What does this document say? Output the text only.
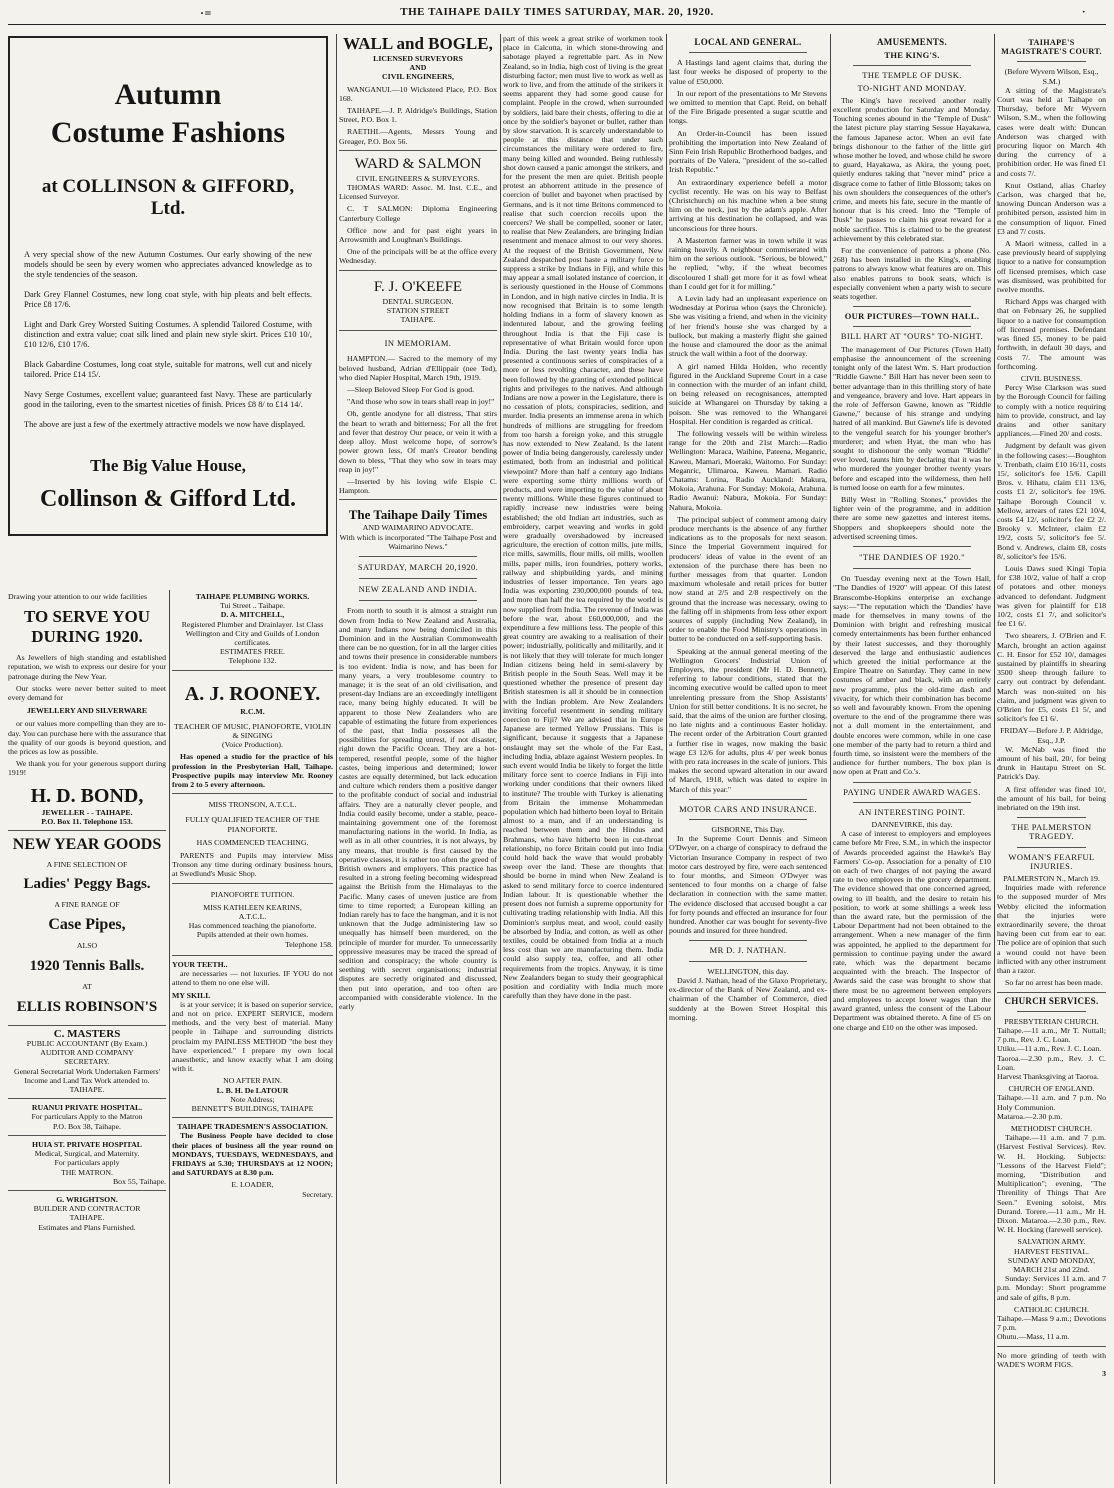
·=	THE TAIHAPE DAILY TIMES SATURDAY, MAR. 20, 1920.	·
Autumn
Costume Fashions
at COLLINSON & GIFFORD, Ltd.

A very special show of the new Autumn Costumes. Our early showing of the new models should be seen by every women who appreciates advanced knowledge as to the style tendencies of the season.

Dark Grey Flannel Costumes, new long coat style, with hip pleats and belt effects. Price £8 17/6.

Light and Dark Grey Worsted Suiting Costumes. A splendid Tailored Costume, with distinction and extra value; coat silk lined and plain new style skirt. Prices £10 10/, £10 12/6, £10 17/6.

Black Gabardine Costumes, long coat style, suitable for matrons, well cut and nicely tailored. Price £14 15/.

Navy Serge Costumes, excellent value; guaranteed fast Navy. These are particularly good in the tailoring, even to the smartest niceties of finish. Prices £8 8/ to £14 14/.

The above are just a few of the exertmely attractive models we now have displayed.

The Big Value House,
Collinson & Gifford Ltd.

Drawing your attention to our wide facilities

TO SERVE YOU
DURING 1920.

As Jewellers of high standing and established reputation, we wish to express our desire for your patronage during the New Year.

Our stocks were never better suited to meet every demand for

JEWELLERY AND SILVERWARE

or our values more compelling than they are to-day. You can purchase here with the assurance that the quality of our goods is beyond question, and the prices as low as possible.

We thank you for your generous support during 1919!

H. D. BOND,
JEWELLER - - TAIHAPE.
P.O. Box 11. Telephone 153.
NEW YEAR GOODS
A FINE SELECTION OF
Ladies' Peggy Bags.
A FINE RANGE OF
Case Pipes,
ALSO
1920 Tennis Balls.
AT
ELLIS ROBINSON'S
C. MASTERS
PUBLIC ACCOUNTANT (By Exam.)
AUDITOR AND COMPANY
SECRETARY.
General Secretarial Work Undertaken Farmers' Income and Land Tax Work attended to.
TAIHAPE.
RUANUI PRIVATE HOSPITAL.
For particulars Apply to the Matron
P.O. Box 38, Taihape.
HUIA ST. PRIVATE HOSPITAL
Medical, Surgical, and Maternity.
For particulars apply
THE MATRON.
Box 55, Taihape.
G. WRIGHTSON.
BUILDER AND CONTRACTOR
TAIHAPE.
Estimates and Plans Furnished.
TAIHAPE PLUMBING WORKS.
Tui Street .. Taihape.
D. A. MITCHELL,
Registered Plumber and Drainlayer. 1st Class Wellington and City and Guilds of London certificates.
ESTIMATES FREE.
Telephone 132.
A. J. ROONEY.
R.C.M.
TEACHER OF MUSIC, PIANOFORTE, VIOLIN & SINGING
(Voice Production).

Has opened a studio for the practice of his profession in the Presbyterian Hall, Taihape. Prospective pupils may interview Mr. Rooney from 2 to 5 every afternoon.

MISS TRONSON, A.T.C.L.
FULLY QUALIFIED TEACHER OF THE PIANOFORTE.
HAS COMMENCED TEACHING.

PARENTS and Pupils may interview Miss Tronson any time during ordinary business hours, at Swedlund's Music Shop.

PIANOFORTE TUITION.
MISS KATHLEEN KEARINS,
A.T.C.L.
Has commenced teaching the pianoforte.
Pupils attended at their own homes.
Telephone 158.
YOUR TEETH..

are necessaries — not luxuries. IF YOU do not attend to them no one else will.

MY SKILL

is at your service; it is based on superior service, and not on price. EXPERT SERVICE, modern methods, and the very best of material. Many people in Taihape and surrounding districts proclaim my PAINLESS METHOD "the best they have experienced." I prepare my own local anaesthetic, and know exactly what I am doing with it.

NO AFTER PAIN.
L. B. H. De LATOUR
Note Address;
BENNETT'S BUILDINGS, TAIHAPE
TAIHAPE TRADESMEN'S ASSOCIATION.

The Business People have decided to close their places of business all the year round on MONDAYS, TUESDAYS, WEDNESDAYS, and FRIDAYS at 5.30; THURSDAYS at 12 NOON; and SATURDAYS at 8.30 p.m.

E. LOADER,
Secretary.
WALL and BOGLE,
LICENSED SURVEYORS
AND
CIVIL ENGINEERS,

WANGANUI.—10 Wicksteed Place, P.O. Box 168.

TAIHAPE.—J. P. Aldridge's Buildings, Station Street, P.O. Box 1.

RAETIHI.—Agents, Messrs Young and Greager, P.O. Box 56.

WARD & SALMON
CIVIL ENGINEERS & SURVEYORS.

THOMAS WARD: Assoc. M. Inst. C.E., and Licensed Surveyor.

C. T SALMON: Diploma Engineering Canterbury College

Office now and for past eight years in Arrowsmith and Loughnan's Buildings.

One of the principals will be at the office every Wednesday.

F. J. O'KEEFE
DENTAL SURGEON.
STATION STREET
TAIHAPE.
IN MEMORIAM.

HAMPTON.— Sacred to the memory of my beloved husband, Adrian d'Ellippair (nee Ted), who died Napier Hospital, March 19th, 1919.

—Sleep Beloved Sleep For God is good.

"And those who sow in tears shall reap in joy!"

Oh, gentle anodyne for all distress, That stirs the heart to wrath and bitterness; For all the fret and fever that destroy Our peace, or vein it with a deep alloy. Most welcome hope, of sorrow's power grown less, Of man's Creator bending down to bless, "That they who sow in tears may reap in joy!"

—Inserted by his loving wife Elspie C. Hampton.

The Taihape Daily Times
AND WAIMARINO ADVOCATE.
With which is incorporated "The Taihape Post and Waimarino News."
SATURDAY, MARCH 20,1920.
NEW ZEALAND AND INDIA.

From north to south it is almost a straight run down from India to New Zealand and Australia, and many Indians now being domiciled in this Dominion and in the Australian Commonwealth there can be no question, for in all the larger cities and towns their presence in considerable numbers is too evident. India is now, and has been for many years, a very troublesome country to manage; it is the seat of an old civilisation, and present-day Indians are an exceedingly intelligent race, many being highly educated. It will be apparent to those New Zealanders who are capable of estimating the future from experiences of the past, that India possesses all the possibilities for spreading unrest, if not disaster, right down the Pacific Ocean. They are a hot-tempered, resentful people, some of the higher castes, being imperious and determined; lower castes are equally determined, but lack education and culture which renders them a positive danger to the profitable conduct of social and industrial affairs. They are a naturally clever people, and India could easily become, under a stable, peace-maintaining government one of the foremost manufacturing nations in the world. In India, as well as in all other countries, it is not always, by any means, that trouble is first caused by the operative classes, it is rather too often the greed of British owners and employers. This practice has resulted in a strong feeling becoming widespread against the British from the Himalayas to the Pacific. Many cases of uneven justice are from time to time reported; a European killing an Indian rarely has to face the hangman, and it is not unknown that the Judge administering law so unequally has himself been murdered, on the principle of murder for murder. To unnecessarily oppressive measures may be traced the spread of sedition and conspiracy; the whole country is seething with secret organisations; industrial disputes are secretly originated and discussed, then put into operation, and too often are accompanied with considerable violence. In the early

part of this week a great strike of workmen took place in Calcutta, in which stone-throwing and sabotage played a regrettable part. As in New Zealand, so in India, high cost of living is the great disturbing factor; men must live to work as well as work to live, and from the attitude of the strikers it seems apparent they had some good cause for complaint. People in the crowd, when surrounded by soldiers, laid bare their chests, offering to die at once by the soldier's bayonet or bullet, rather than by slow starvation. It is scarcely understandable to people at this distance that under such circumstances the military were ordered to fire, many being killed and wounded. Being ruthlessly shot down caused a panic amongst the strikers, and for the present the men are quiet. British people protest an abhorrent attitude in the presence of coercion of bullet and bayonet when practised by Germans, and is it not time Britons commenced to realise that such coercion recoils upon the coercers? We shall be compelled, sooner or later, to realise that New Zealanders, are bringing Indian resentment and menace almost to our very shores. At the request of the British Government, New Zealand despatched post haste a military force to suppress a strike by Indians in Fiji, and while this may appear a small isolated instance of coercion, it is seriously questioned in the House of Commons in London, and in high native circles in India. It is now recognised that Britain is to some length holding Indians in a form of slavery known as indentured labour, and the growing feeling throughout India is that the Fiji case is representative of what Britain would force upon India. During the last twenty years India has presented a continuous series of conspiracies of a more or less revolting character, and these have been followed by the granting of extended political rights and privileges to the natives. And although Indians are now a power in the Legislature, there is no cessation of plots, conspiracies, sedition, and murder. India presents an immense arena in which hundreds of millions are struggling for freedom from too harsh a foreign yoke, and this struggle has now extended to New Zealand. Is the latent power of India being dangerously, carelessly under estimated, both from an industrial and political viewpoint? More than half a century ago Indians were exporting some thirty millions worth of products, and were importing to the value of about twenty millions. While these figures continued to rapidly increase new industries were being established; the old Indian art industries, such as embroidery, carpet weaving and works in gold were gradually overshadowed by increased agriculture, the erection of cotton mills, jute mills, rice mills, sawmills, flour mills, oil mills, woollen mills, paper mills, iron foundries, pottery works, railway and shipbuilding yards, and mining industries of lesser importance. Ten years ago India was exporting 230,000,000 pounds of tea, and more than half the tea required by the world is now supplied from India. The revenue of India was before the war, about £60,000,000, and the expenditure a few millions less. The people of this great country are awaking to a realisation of their power; industrially, politically and militarily, and it is not likely that they will tolerate for much longer Indian citizens being held in semi-slavery by British people in the South Seas. Well may it be questioned whether the presence of present day British statesmen is all it should be in connection with the Indian problem. Are New Zealanders inviting forceful resentment in sending military coercion to Fiji? We are advised that in Europe Japanese are termed Yellow Prussians. This is significant, because it suggests that a Japanese onslaught may set the whole of the Far East, including India, ablaze against Western peoples. In such event would India be likely to forget the little military force sent to coerce Indians in Fiji into working under conditions that their owners liked to institute? The trouble with Turkey is alienating from Britain the immense Mohammedan population which had hitherto been loyal to Britain almost to a man, and if an understanding is reached between them and the Hindus and Brahmans, who have hitherto been in cut-throat relationship, no force Britain could put into India could hold back the wave that would probably sweep over the land. These are thoughts that should be borne in mind when New Zealand is asked to send military force to coerce indentured Indian labour. It is questionable whether the present does not furnish a supreme opportunity for cultivating trading relationship with India. All this Dominion's surplus meat, and wool, could easily be absorbed by India, and cotton, as well as other textiles, could be obtained from India at a much less cost than we are manufacturing them. India could also supply tea, coffee, and all other requirements from the tropics. Anyway, it is time New Zealanders began to study their geographical position and cordiality with India much more carefully than they have done in the past.

LOCAL AND GENERAL.

A Hastings land agent claims that, during the last four weeks he disposed of property to the value of £50,000.

In our report of the presentations to Mr Stevens we omitted to mention that Capt. Reid, on behalf of the Fire Brigade presented a sugar scuttle and tongs.

An Order-in-Council has been issued prohibiting the importation into New Zealand of Sinn Fein Irish Republic Brotherhood badges, and portraits of De Valera, "president of the so-called Irish Republic."

An extraordinary experience befell a motor cyclist recently. He was on his way to Belfast (Christchurch) on his machine when a bee stung him on the neck, just by the adam's apple. After arriving at his destination he collapsed, and was unconscious for three hours.

A Masterton farmer was in town while it was raining heavily. A neighbour commiserated with him on the serious outlook. "Serious, be blowed," he replied, "why, if the wheat becomes discoloured I shall get more for it as fowl wheat than I could get for it for milling."

A Levin lady had an unpleasant experience on Wednesday at Porirua whoo (says the Chronicle). She was visiting a friend, and when in the vicinity of her friend's house she was charged by a bullock, but making a masterly flight she gained the house and clamoured the door as the animal struck the wall within a foot of the doorway.

A girl named Hilda Holden, who recently figured in the Auckland Supreme Court in a case in connection with the murder of an infant child, on being released on recognisances, attempted suicide at Whangarei on Thursday by taking a poison. She was removed to the Whangarei Hospital. Her condition is regarded as critical.

The following vessels will be within wireless range for the 20th and 21st March:—Radio Wellington: Maraca, Waihine, Pateena, Meganric, Kaweu, Mamari, Moeraki, Waitomo. For Sunday: Meganric, Ulimaroa, Kaweu. Mamari. Radio Chatams: Lorina, Radio Auckland: Makura, Mokoia, Arahuna. For Sunday: Mokoia, Arahuna. Radio Awanui: Nabura, Mokoia. For Sunday: Nahura, Mokoia.

The principal subject of comment among dairy produce merchants is the absence of any further indications as to the proposals for next season. Since the Imperial Government inquired for producers' ideas of value in the event of an extension of the purchase there has been no further messages from that quarter. London maximum wholesale and retail prices for butter now stand at 2/5 and 2/8 respectively on the ground that the increase was necessary, owing to the falling off in shipments from less other export sources of supply (including New Zealand), in order to enable the Food Ministry's operations in butter to be conducted on a self-supporting basis.

Speaking at the annual general meeting of the Wellington Grocers' Industrial Union of Employers, the president (Mr H. D. Bennett), referring to labour conditions, stated that the incoming executive would be called upon to meet unrelenting pressure from the Shop Assistants' Union for still better conditions. It is no secret, he said, that the aims of the union are further closing, no late nights and a continuous Easter holiday. The recent order of the Arbitration Court granted a further rise in wages, now making the basic wage £3 12/6 for adults, plus 4/ per week bonus with pro rata increases in the scale of juniors. This makes the second upward alteration in our award of March, 1918, which was dated to expire in March of this year."

MOTOR CARS AND INSURANCE.
GISBORNE, This Day.

In the Supreme Court Dennis and Simeon O'Dwyer, on a charge of conspiracy to defraud the Victorian Insurance Company in respect of two motor cars destroyed by fire, were each sentenced to four months, and Simeon O'Dwyer was sentenced to four months on a charge of false declaration in connection with the same matter. The evidence disclosed that accused bought a car for forty pounds and effected an insurance for four hundred. Another car was bought for seventy-five pounds and insured for three hundred.

MR D. J. NATHAN.
WELLINGTON, this day.

David J. Nathan, head of the Glaxo Proprietary, ex-director of the Bank of New Zealand, and ex-chairman of the Chamber of Commerce, died suddenly at the Bowen Street Hospital this morning.

AMUSEMENTS.
THE KING'S.
THE TEMPLE OF DUSK.
TO-NIGHT AND MONDAY.

The King's have received another really excellent production for Saturday and Monday. Touching scenes abound in the "Temple of Dusk" the latest picture play starring Sessue Hayakawa, the famous Japanese actor. When an evil fate brings dishonour to the father of the little girl whose mother he loved, and whose child he swore to guard, Hayakawa, as Akira, the young poet, quietly endures taking that "never mind" price a disgrace come to father of little Blossom; takes on his own shoulders the consequences of the other's crime, and meets his fate, secure in the mantle of honour that is his creed. Into the "Temple of Dusk" he passes to claim his great reward for a noble sacrifice. This is claimed to be the greatest achievement by this celebrated star.

For the convenience of patrons a phone (No. 268) has been installed in the King's, enabling patrons to always know what features are on. This also enables patrons to book seats, which is especially convenient when a party wish to secure seats together.

OUR PICTURES—TOWN HALL.
BILL HART AT "OURS" TO-NIGHT.

The management of Our Pictures (Town Hall) emphasise the announcement of the screening tonight only of the latest Wm. S. Hart production "Riddle Gawne." Bill Hart has never been seen to better advantage than in this thrilling story of hate and vengeance, bravery and love. Hart appears in the role of Jefferson Gawne, known as "Riddle Gawne," because of his strange and undying hatred of all mankind. But Gawne's life is devoted to the vengeful search for his younger brother's murderer; and when Hyat, the man who has sought to dishonour the only woman "Riddle" ever loved, taunts him by declaring that it was he who murdered the younger brother twenty years before and escaped into the wilderness, then hell is turned loose on earth for a few minutes.

Billy West in "Rolling Stones," provides the lighter vein of the programme, and in addition there are some new gazettes and interest items. Shoppers and shopkeepers should note the advertised screening times.

"THE DANDIES OF 1920."

On Tuesday evening next at the Town Hall, "The Dandies of 1920" will appear. Of this latest Branscombe-Hopkins enterprise an exchange says:—"The reputation which the 'Dandies' have made for themselves in many towns of the Dominion with bright and refreshing musical comedy entertainments has been further enhanced by their latest successes, and they thoroughly deserved the large and enthusiastic audiences which greeted the initial performance at the Empire Theatre on Saturday. They came in new costumes of amber and black, with an entirely new programme, plus the old-time dash and vivacity, for which their combination has become so well and favourably known. From the opening overture to the end of the programme there was not a dull moment in the entertainment, and double encores were common, while in one case one member of the party had to return a third and fourth time, so insistent were the members of the audience for further numbers. The box plan is now open at Pratt and Co.'s.

PAYING UNDER AWARD WAGES.
AN INTERESTING POINT.
DANNEVIRKE, this day.

A case of interest to employers and employees came before Mr Free, S.M., in which the inspector of Awards proceeded against the Hawke's Bay Farmers' Co-op. Association for a penalty of £10 on each of two charges of not paying the award rate to two employees in the grocery department. The evidence showed that one concerned agreed, owing to ill health, and the desire to retain his position, to work at some shillings a week less than the award rate, but the permission of the Labour Department had not been obtained to the arrangement. When a new manager of the firm was appointed, he applied to the department for permission to continue paying under the award rate, which was the department became acquainted with the breach. The Inspector of Awards said the case was brought to show that there must be no agreement between employers and employees to accept lower wages than the award granted, unless the consent of the Labour Department was obtained thereto. A fine of £5 on one charge and £10 on the other was imposed.

TAIHAPE'S MAGISTRATE'S COURT.
(Before Wyvern Wilson, Esq., S.M.)

A sitting of the Magistrate's Court was held at Taihape on Thursday, before Mr Wyvern Wilson, S.M., when the following cases were dealt with: Duncan Anderson was charged with procuring liquor on March 4th during the currency of a prohibition order. He was fined £1 and costs 7/.

Knut Ostland, alias Charley Carlson, was charged that he, knowing Duncan Anderson was a prohibited person, assisted him in the consumption of liquor. Fined £3 and 7/ costs.

A Maori witness, called in a case previously heard of supplying liquor to a native for consumption off licensed premises, which case was dismissed, was prohibited for twelve months.

Richard Apps was charged with that on February 26, he supplied liquor to a native for consumption off licensed premises. Defendant was fined £5, money to be paid forthwith, in default 30 days, and costs 7/. The amount was forthcoming.

CIVIL BUSINESS.

Percy Wise Clarkson was sued by the Borough Council for failing to comply with a notice requiring him to provide, construct, and lay drains and other sanitary appliances.—Fined 20/ and costs.

Judgment by default was given in the following cases:—Boughton v. Trenbath, claim £10 16/11, costs 15/, solicitor's fee 15/6. Capill Bros. v. Hihatu, claim £11 13/6, costs £1 2/, solicitor's fee 19/6. Taihape Borough Council v. Mellow, arrears of rates £21 10/4, costs £4 12/, solicitor's fee £2 2/. Brooky v. McInteer, claim £2 19/2, costs 5/, solicitor's fee 5/. Bond v. Andrews, claim £8, costs 8/, solicitor's fee 15/6.

Louis Daws sued Kingi Topia for £38 10/2, value of half a crop of potatoes and other moneys advanced to defendant. Judgment was given for plaintiff for £18 10/2, costs £1 7/, and solicitor's fee £1 6/.

Two shearers, J. O'Brien and F. March, brought an action against C. H. Ensor for £52 10/, damages sustained by plaintiffs in shearing 3500 sheep through failure to carry out contract by defendant. March was non-suited on his claim, and judgment was given to O'Brien for £5, costs £1 5/, and solicitor's fee £1 6/.

FRIDAY—Before J. P. Aldridge, Esq., J.P.

W. McNab was fined the amount of his bail, 20/, for being drunk in Hautapu Street on St. Patrick's Day.

A first offender was fined 10/, the amount of his bail, for being inebriated on the 19th inst.

THE PALMERSTON TRAGEDY.
WOMAN'S FEARFUL INJURIES.
PALMERSTON N., March 19.

Inquiries made with reference to the supposed murder of Mrs Webby elicited the information that the injuries were extraordinarily severe, the throat having been cut from ear to ear. The police are of opinion that such a wound could not have been inflicted with any other instrument than a razor.

So far no arrest has been made.

CHURCH SERVICES.
PRESBYTERIAN CHURCH.
Taihape.—11 a.m., Mr T. Nuttall; 7 p.m., Rev. J. C. Loan.
Utiku.—11 a.m., Rev. J. C. Loan.
Taoroa.—2.30 p.m., Rev. J. C. Loan.
Harvest Thanksgiving at Taoroa.
CHURCH OF ENGLAND.
Taihape.—11 a.m. and 7 p.m. No Holy Communion.
Mataroa.—2.30 p.m.
METHODIST CHURCH.

Taihape.—11 a.m. and 7 p.m. (Harvest Festival Services). Rev. W. H. Hocking. Subjects: "Lessons of the Harvest Field"; morning, "Distribution and Multiplication"; evening, "The Threnility of Things That Are Seen." Evening soloist, Mrs Durand. Torere.—11 a.m., Mr H. Dixon. Mataroa.—2.30 p.m., Rev. W. H. Hocking (farewell service).

SALVATION ARMY.
HARVEST FESTIVAL.
SUNDAY AND MONDAY, MARCH 21st and 22nd.

Sunday: Services 11 a.m. and 7 p.m. Monday: Short programme and sale of gifts, 8 p.m.

CATHOLIC CHURCH.
Taihape.—Mass 9 a.m.; Devotions 7 p.m.
Ohutu.—Mass, 11 a.m.
No more grinding of teeth with WADE'S WORM FIGS.
3
